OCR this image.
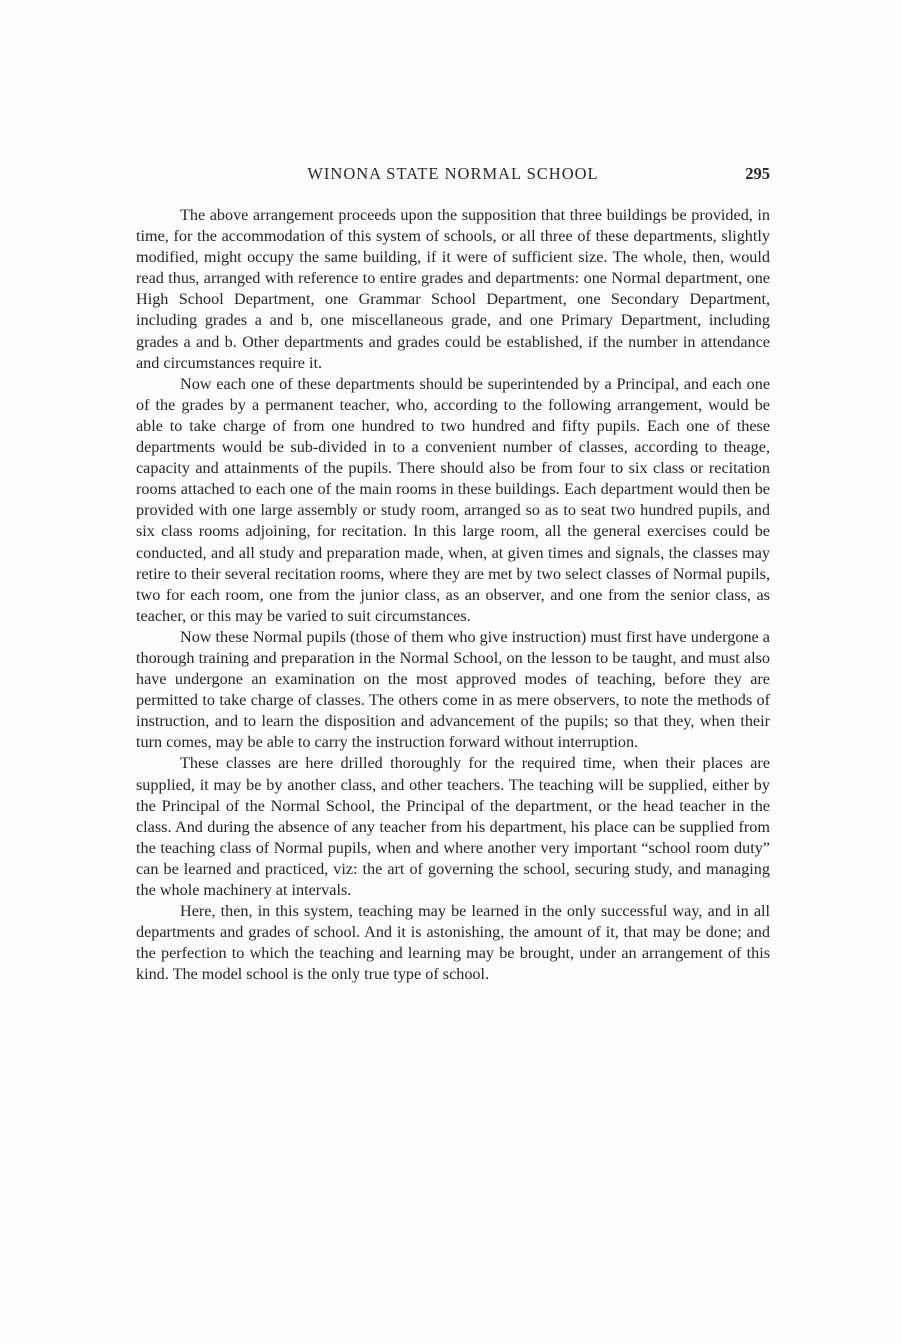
WINONA STATE NORMAL SCHOOL	295

The above arrangement proceeds upon the supposition that three buildings be provided, in time, for the accommodation of this system of schools, or all three of these departments, slightly modified, might occupy the same building, if it were of sufficient size. The whole, then, would read thus, arranged with reference to entire grades and departments: one Normal department, one High School Department, one Grammar School Department, one Secondary Department, including grades a and b, one miscellaneous grade, and one Primary Department, including grades a and b. Other departments and grades could be established, if the number in attendance and circumstances require it.

Now each one of these departments should be superintended by a Principal, and each one of the grades by a permanent teacher, who, according to the following arrangement, would be able to take charge of from one hundred to two hundred and fifty pupils. Each one of these departments would be sub-divided in to a convenient number of classes, according to theage, capacity and attainments of the pupils. There should also be from four to six class or recitation rooms attached to each one of the main rooms in these buildings. Each department would then be provided with one large assembly or study room, arranged so as to seat two hundred pupils, and six class rooms adjoining, for recitation. In this large room, all the general exercises could be conducted, and all study and preparation made, when, at given times and signals, the classes may retire to their several recitation rooms, where they are met by two select classes of Normal pupils, two for each room, one from the junior class, as an observer, and one from the senior class, as teacher, or this may be varied to suit circumstances.

Now these Normal pupils (those of them who give instruction) must first have undergone a thorough training and preparation in the Normal School, on the lesson to be taught, and must also have undergone an examination on the most approved modes of teaching, before they are permitted to take charge of classes. The others come in as mere observers, to note the methods of instruction, and to learn the disposition and advancement of the pupils; so that they, when their turn comes, may be able to carry the instruction forward without interruption.

These classes are here drilled thoroughly for the required time, when their places are supplied, it may be by another class, and other teachers. The teaching will be supplied, either by the Principal of the Normal School, the Principal of the department, or the head teacher in the class. And during the absence of any teacher from his department, his place can be supplied from the teaching class of Normal pupils, when and where another very important “school room duty” can be learned and practiced, viz: the art of governing the school, securing study, and managing the whole machinery at intervals.

Here, then, in this system, teaching may be learned in the only successful way, and in all departments and grades of school. And it is astonishing, the amount of it, that may be done; and the perfection to which the teaching and learning may be brought, under an arrangement of this kind. The model school is the only true type of school.
